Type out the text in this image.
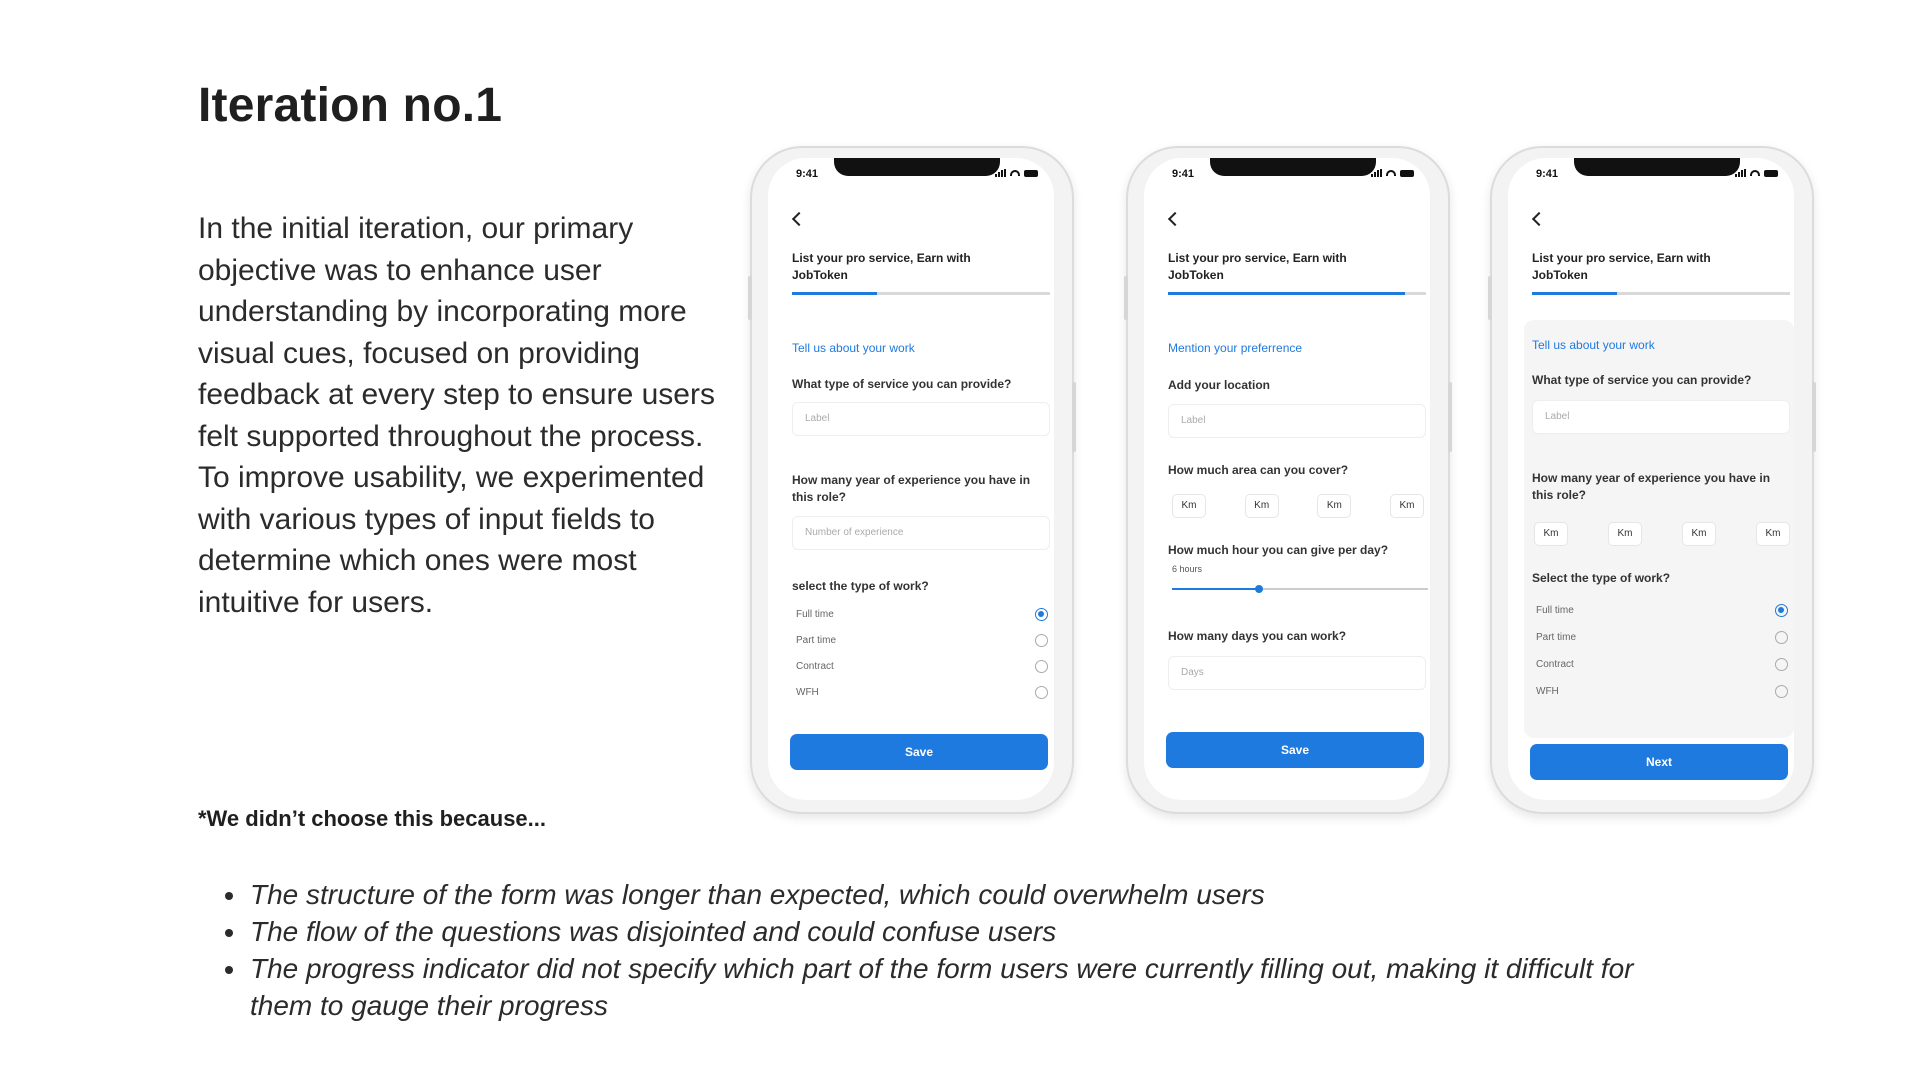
Iteration no.1
In the initial iteration, our primary objective was to enhance user understanding by incorporating more visual cues, focused on providing feedback at every step to ensure users felt supported throughout the process. To improve usability, we experimented with various types of input fields to determine which ones were most intuitive for users.
9:41
List your pro service, Earn with JobToken
Tell us about your work
What type of service you can provide?
Label
How many year of experience you have in this role?
Number of experience
select the type of work?
Full time
Part time
Contract
WFH
Save
9:41
List your pro service, Earn with JobToken
Mention your preferrence
Add your location
Label
How much area can you cover?
Km	Km	Km	Km
How much hour you can give per day?
6 hours
How many days you can work?
Days
Save
9:41
List your pro service, Earn with JobToken
Tell us about your work
What type of service you can provide?
Label
How many year of experience you have in this role?
Km	Km	Km	Km
Select the type of work?
Full time
Part time
Contract
WFH
Next
*We didn’t choose this because...
• The structure of the form was longer than expected, which could overwhelm users
• The flow of the questions was disjointed and could confuse users
• The progress indicator did not specify which part of the form users were currently filling out, making it difficult for them to gauge their progress
